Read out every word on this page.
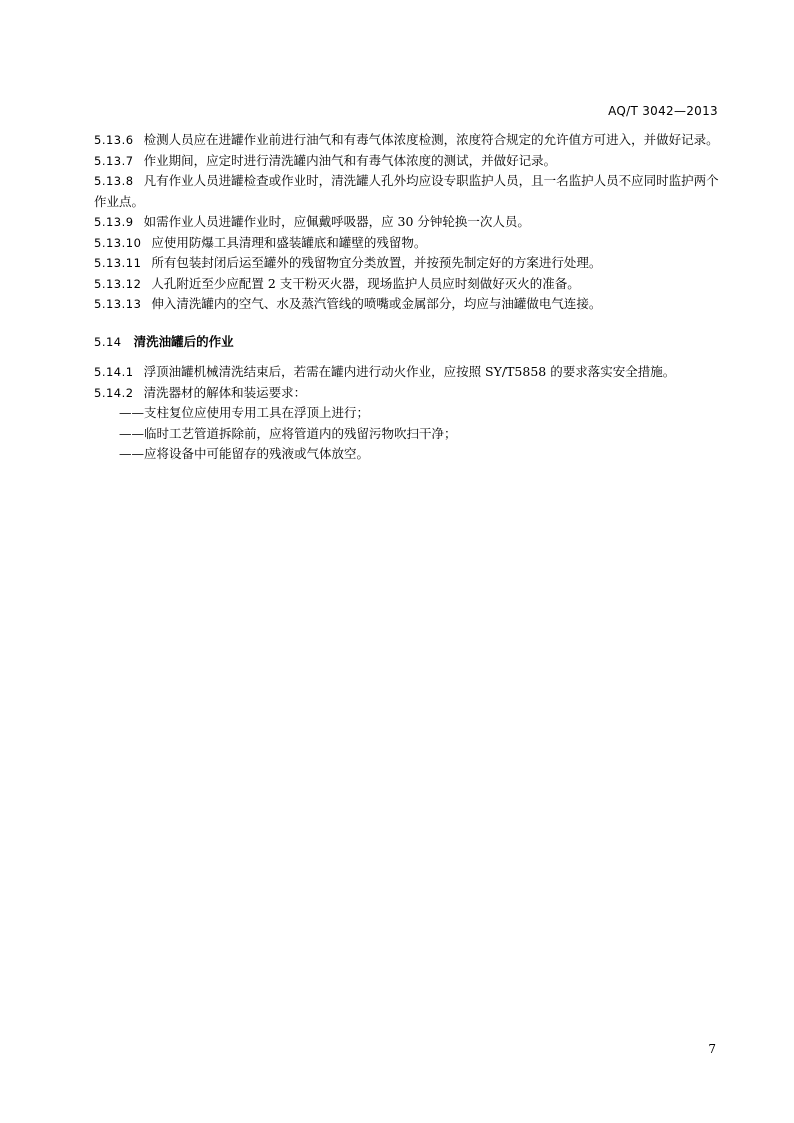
AQ/T 3042—2013

5.13.6 检测人员应在进罐作业前进行油气和有毒气体浓度检测，浓度符合规定的允许值方可进入，并做好记录。

5.13.7 作业期间，应定时进行清洗罐内油气和有毒气体浓度的测试，并做好记录。

5.13.8 凡有作业人员进罐检查或作业时，清洗罐人孔外均应设专职监护人员，且一名监护人员不应同时监护两个作业点。

5.13.9 如需作业人员进罐作业时，应佩戴呼吸器，应 30 分钟轮换一次人员。

5.13.10 应使用防爆工具清理和盛装罐底和罐壁的残留物。

5.13.11 所有包装封闭后运至罐外的残留物宜分类放置，并按预先制定好的方案进行处理。

5.13.12 人孔附近至少应配置 2 支干粉灭火器，现场监护人员应时刻做好灭火的准备。

5.13.13 伸入清洗罐内的空气、水及蒸汽管线的喷嘴或金属部分，均应与油罐做电气连接。

5.14 清洗油罐后的作业

5.14.1 浮顶油罐机械清洗结束后，若需在罐内进行动火作业，应按照 SY/T5858 的要求落实安全措施。

5.14.2 清洗器材的解体和装运要求：

——支柱复位应使用专用工具在浮顶上进行；

——临时工艺管道拆除前，应将管道内的残留污物吹扫干净；

——应将设备中可能留存的残液或气体放空。

7
